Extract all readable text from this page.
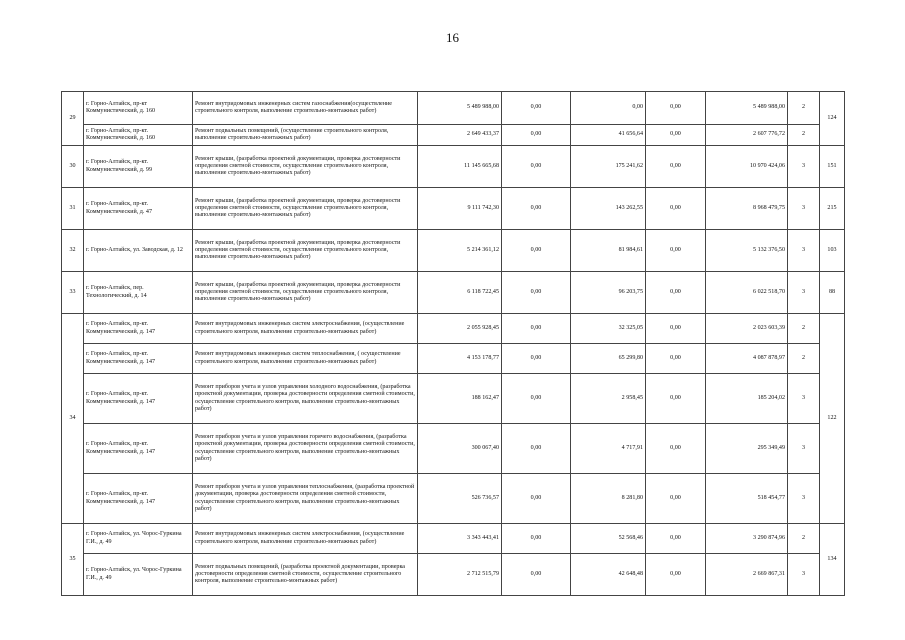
16
29	г. Горно-Алтайск, пр-кт Коммунистический, д. 160	Ремонт внутридомовых инженерных систем газоснабжения(осуществление строительного контроля, выполнение строительно-монтажных работ)	5 489 988,00	0,00	0,00	0,00	5 489 988,00	2	124
	г. Горно-Алтайск, пр-кт. Коммунистический, д. 160	Ремонт подвальных помещений, (осуществление строительного контроля, выполнение строительно-монтажных работ)	2 649 433,37	0,00	41 656,64	0,00	2 607 776,72	2	
30	г. Горно-Алтайск, пр-кт. Коммунистический, д. 99	Ремонт крыши, (разработка проектной документации, проверка достоверности определения сметной стоимости, осуществление строительного контроля, выполнение строительно-монтажных работ)	11 145 665,68	0,00	175 241,62	0,00	10 970 424,06	3	151
31	г. Горно-Алтайск, пр-кт. Коммунистический, д. 47	Ремонт крыши, (разработка проектной документации, проверка достоверности определения сметной стоимости, осуществление строительного контроля, выполнение строительно-монтажных работ)	9 111 742,30	0,00	143 262,55	0,00	8 968 479,75	3	215
32	г. Горно-Алтайск, ул. Заводская, д. 12	Ремонт крыши, (разработка проектной документации, проверка достоверности определения сметной стоимости, осуществление строительного контроля, выполнение строительно-монтажных работ)	5 214 361,12	0,00	81 984,61	0,00	5 132 376,50	3	103
33	г. Горно-Алтайск, пер. Технологический, д. 14	Ремонт крыши, (разработка проектной документации, проверка достоверности определения сметной стоимости, осуществление строительного контроля, выполнение строительно-монтажных работ)	6 118 722,45	0,00	96 203,75	0,00	6 022 518,70	3	88
34	г. Горно-Алтайск, пр-кт. Коммунистический, д. 147	Ремонт внутридомовых инженерных систем электроснабжения, (осуществление строительного контроля, выполнение строительно-монтажных работ)	2 055 928,45	0,00	32 325,05	0,00	2 023 603,39	2	122
	г. Горно-Алтайск, пр-кт. Коммунистический, д. 147	Ремонт внутридомовых инженерных систем теплоснабжения, ( осуществление строительного контроля, выполнение строительно-монтажных работ)	4 153 178,77	0,00	65 299,80	0,00	4 087 878,97	2	
	г. Горно-Алтайск, пр-кт. Коммунистический, д. 147	Ремонт приборов учета и узлов управления холодного водоснабжения, (разработка проектной документации, проверка достоверности определения сметной стоимости, осуществление строительного контроля, выполнение строительно-монтажных работ)	188 162,47	0,00	2 958,45	0,00	185 204,02	3	
	г. Горно-Алтайск, пр-кт. Коммунистический, д. 147	Ремонт приборов учета и узлов управления горячего водоснабжения, (разработка проектной документации, проверка достоверности определения сметной стоимости, осуществление строительного контроля, выполнение строительно-монтажных работ)	300 067,40	0,00	4 717,91	0,00	295 349,49	3	
	г. Горно-Алтайск, пр-кт. Коммунистический, д. 147	Ремонт приборов учета и узлов управления теплоснабжения, (разработка проектной документации, проверка достоверности определения сметной стоимости, осуществление строительного контроля, выполнение строительно-монтажных работ)	526 736,57	0,00	8 281,80	0,00	518 454,77	3	
35	г. Горно-Алтайск, ул. Чорос-Гуркина Г.И., д. 49	Ремонт внутридомовых инженерных систем электроснабжения, (осуществление строительного контроля, выполнение строительно-монтажных работ)	3 343 443,41	0,00	52 568,46	0,00	3 290 874,96	2	134
	г. Горно-Алтайск, ул. Чорос-Гуркина Г.И., д. 49	Ремонт подвальных помещений, (разработка проектной документации, проверка достоверности определения сметной стоимости, осуществление строительного контроля, выполнение строительно-монтажных работ)	2 712 515,79	0,00	42 648,48	0,00	2 669 867,31	3	
